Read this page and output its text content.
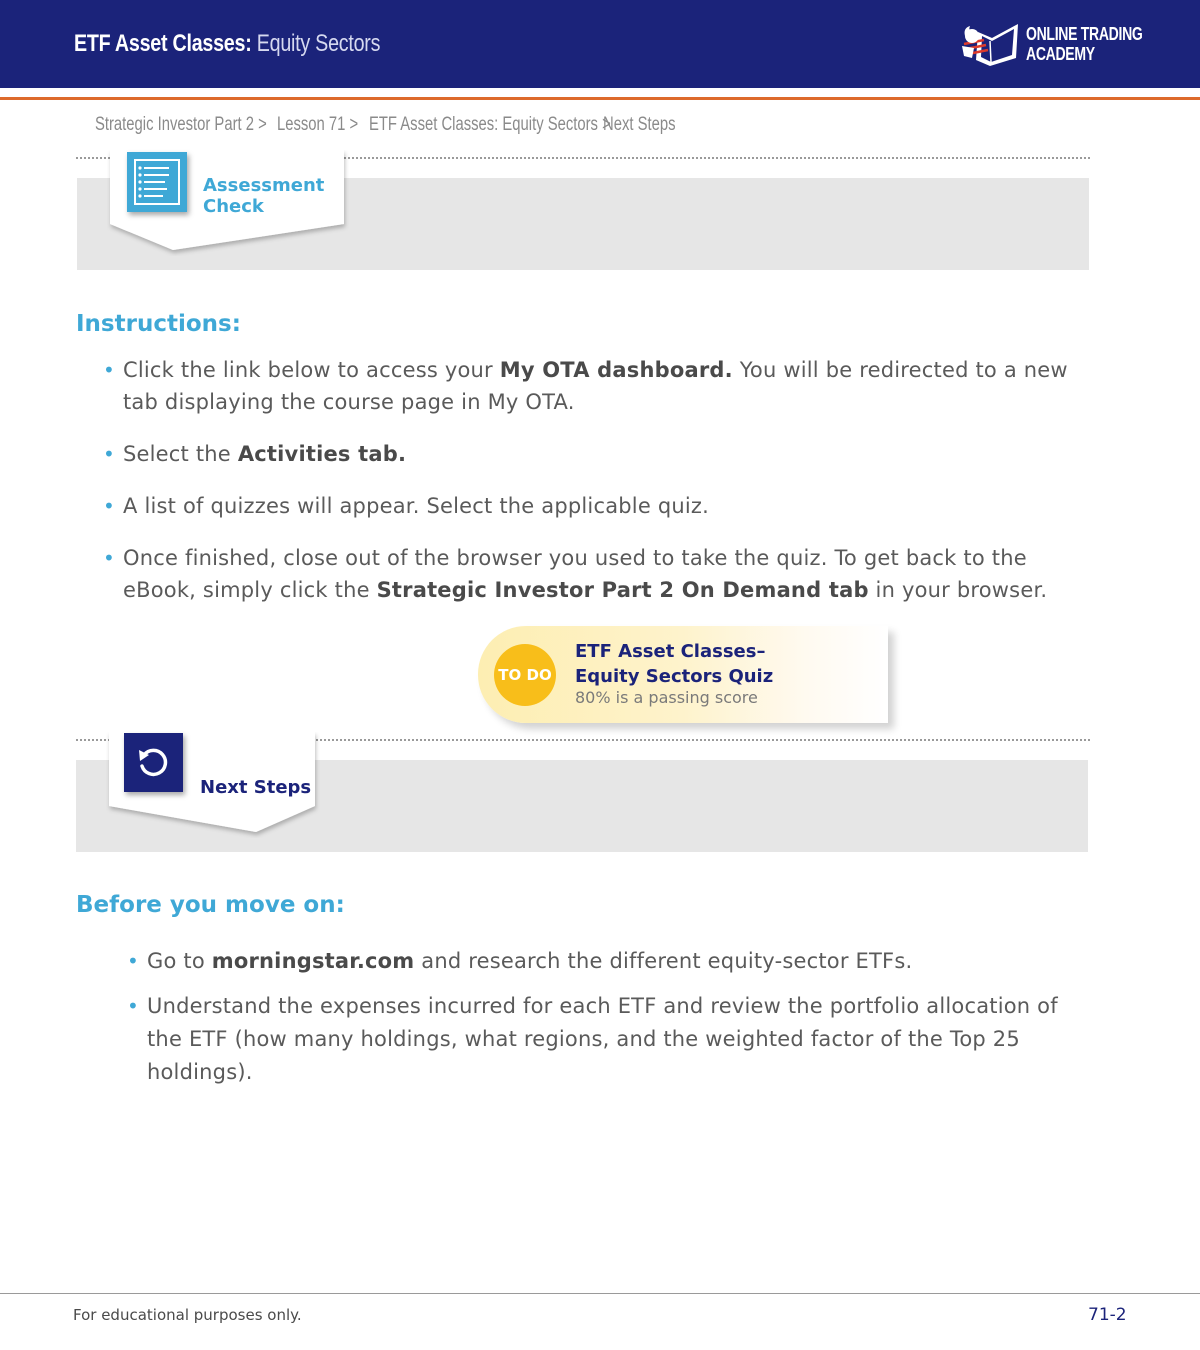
ETF Asset Classes: Equity Sectors	ONLINE TRADING
ACADEMY
Strategic Investor Part 2 > Lesson 71 > ETF Asset Classes: Equity Sectors >
Next Steps
Assessment
Check
Instructions:
• Click the link below to access your My OTA dashboard. You will be redirected to a new tab displaying the course page in My OTA.
• Select the Activities tab.
• A list of quizzes will appear. Select the applicable quiz.
• Once finished, close out of the browser you used to take the quiz. To get back to the eBook, simply click the Strategic Investor Part 2 On Demand tab in your browser.
TO DO
ETF Asset Classes–
Equity Sectors Quiz
80% is a passing score
Next Steps
Before you move on:
• Go to morningstar.com and research the different equity-sector ETFs.
• Understand the expenses incurred for each ETF and review the portfolio allocation of the ETF (how many holdings, what regions, and the weighted factor of the Top 25 holdings).
For educational purposes only.	71-2
